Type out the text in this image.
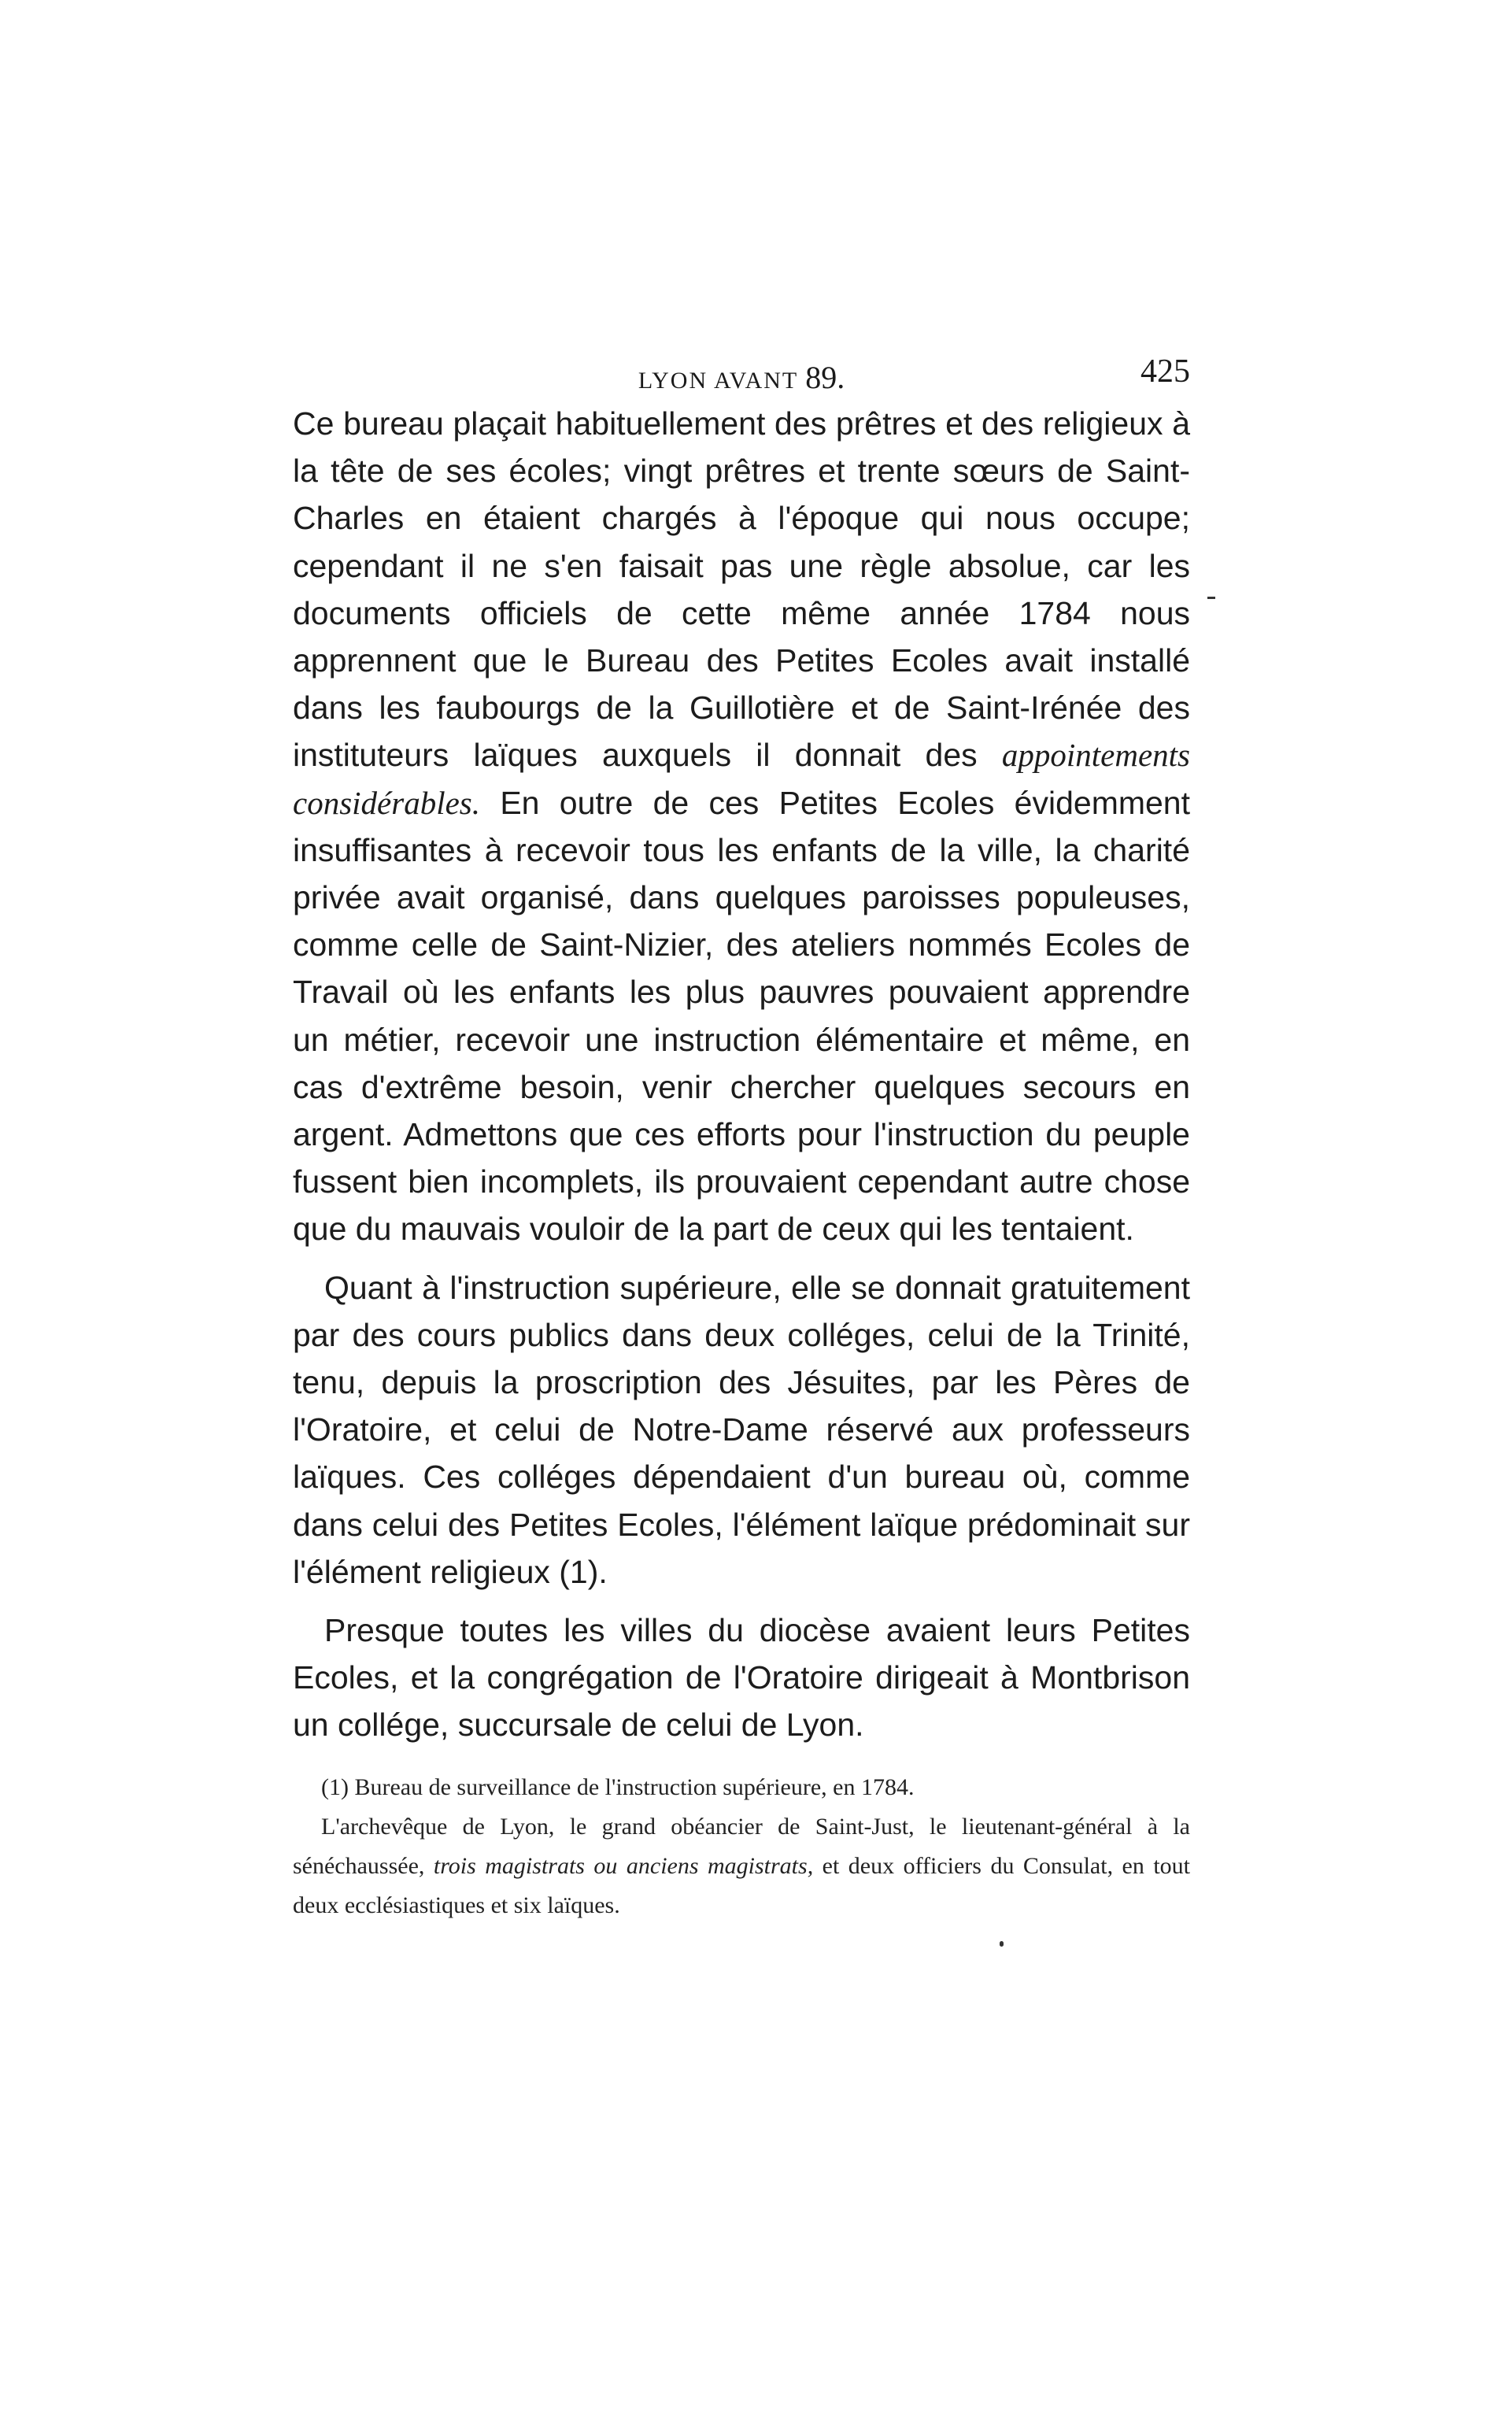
LYON AVANT 89.	425

Ce bureau plaçait habituellement des prêtres et des religieux à la tête de ses écoles; vingt prêtres et trente sœurs de Saint-Charles en étaient chargés à l'époque qui nous occupe; cependant il ne s'en faisait pas une règle absolue, car les documents officiels de cette même année 1784 nous apprennent que le Bureau des Petites Ecoles avait installé dans les faubourgs de la Guillotière et de Saint-Irénée des instituteurs laïques auxquels il donnait des appointements considérables. En outre de ces Petites Ecoles évidemment insuffisantes à recevoir tous les enfants de la ville, la charité privée avait organisé, dans quelques paroisses populeuses, comme celle de Saint-Nizier, des ateliers nommés Ecoles de Travail où les enfants les plus pauvres pouvaient apprendre un métier, recevoir une instruction élémentaire et même, en cas d'extrême besoin, venir chercher quelques secours en argent. Admettons que ces efforts pour l'instruction du peuple fussent bien incomplets, ils prouvaient cependant autre chose que du mauvais vouloir de la part de ceux qui les tentaient.

Quant à l'instruction supérieure, elle se donnait gratuitement par des cours publics dans deux colléges, celui de la Trinité, tenu, depuis la proscription des Jésuites, par les Pères de l'Oratoire, et celui de Notre-Dame réservé aux professeurs laïques. Ces colléges dépendaient d'un bureau où, comme dans celui des Petites Ecoles, l'élément laïque prédominait sur l'élément religieux (1).

Presque toutes les villes du diocèse avaient leurs Petites Ecoles, et la congrégation de l'Oratoire dirigeait à Montbrison un collége, succursale de celui de Lyon.

(1) Bureau de surveillance de l'instruction supérieure, en 1784.

L'archevêque de Lyon, le grand obéancier de Saint-Just, le lieutenant-général à la sénéchaussée, trois magistrats ou anciens magistrats, et deux officiers du Consulat, en tout deux ecclésiastiques et six laïques.
